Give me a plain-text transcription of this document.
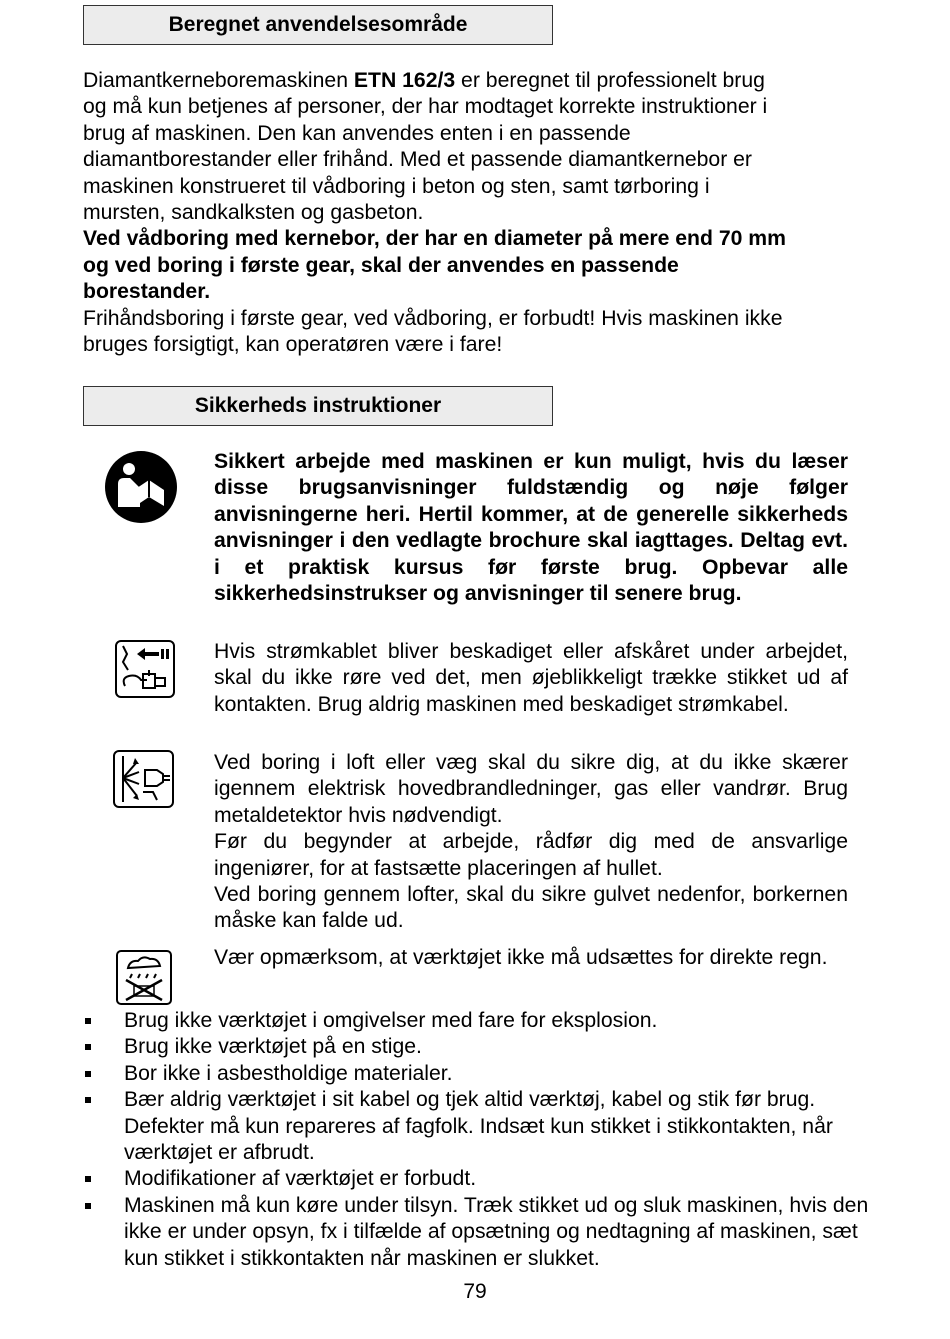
Beregnet anvendelsesområde
Diamantkerneboremaskinen ETN 162/3 er beregnet til professionelt brug
og må kun betjenes af personer, der har modtaget korrekte instruktioner i
brug af maskinen. Den kan anvendes enten i en passende
diamantborestander eller frihånd. Med et passende diamantkernebor er
maskinen konstrueret til vådboring i beton og sten, samt tørboring i
mursten, sandkalksten og gasbeton.
Ved vådboring med kernebor, der har en diameter på mere end 70 mm
og ved boring i første gear, skal der anvendes en passende
borestander.
Frihåndsboring i første gear, ved vådboring, er forbudt! Hvis maskinen ikke
bruges forsigtigt, kan operatøren være i fare!
Sikkerheds instruktioner
Sikkert arbejde med maskinen er kun muligt, hvis du læser disse brugsanvisninger fuldstændig og nøje følger anvisningerne heri. Hertil kommer, at de generelle sikkerheds anvisninger i den vedlagte brochure skal iagttages. Deltag evt. i et praktisk kursus før første brug. Opbevar alle sikkerhedsinstrukser og anvisninger til senere brug.
Hvis strømkablet bliver beskadiget eller afskåret under arbejdet, skal du ikke røre ved det, men øjeblikkeligt trække stikket ud af kontakten. Brug aldrig maskinen med beskadiget strømkabel.
Ved boring i loft eller væg skal du sikre dig, at du ikke skærer igennem elektrisk hovedbrandledninger, gas eller vandrør. Brug metaldetektor hvis nødvendigt.
Før du begynder at arbejde, rådfør dig med de ansvarlige ingeniører, for at fastsætte placeringen af hullet.
Ved boring gennem lofter, skal du sikre gulvet nedenfor, borkernen måske kan falde ud.
Vær opmærksom, at værktøjet ikke må udsættes for direkte regn.
Brug ikke værktøjet i omgivelser med fare for eksplosion.
Brug ikke værktøjet på en stige.
Bor ikke i asbestholdige materialer.
Bær aldrig værktøjet i sit kabel og tjek altid værktøj, kabel og stik før brug. Defekter må kun repareres af fagfolk. Indsæt kun stikket i stikkontakten, når værktøjet er afbrudt.
Modifikationer af værktøjet er forbudt.
Maskinen må kun køre under tilsyn. Træk stikket ud og sluk maskinen, hvis den ikke er under opsyn, fx i tilfælde af opsætning og nedtagning af maskinen, sæt kun stikket i stikkontakten når maskinen er slukket.
79
